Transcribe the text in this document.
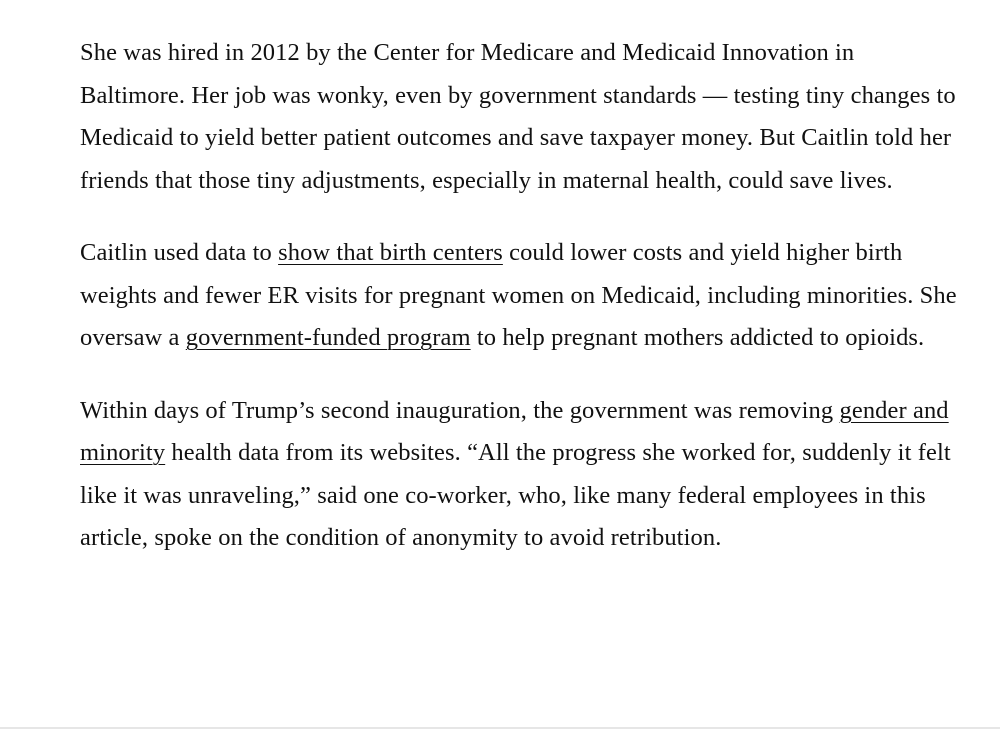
She was hired in 2012 by the Center for Medicare and Medicaid Innovation in Baltimore. Her job was wonky, even by government standards — testing tiny changes to Medicaid to yield better patient outcomes and save taxpayer money. But Caitlin told her friends that those tiny adjustments, especially in maternal health, could save lives.

Caitlin used data to show that birth centers could lower costs and yield higher birth weights and fewer ER visits for pregnant women on Medicaid, including minorities. She oversaw a government-funded program to help pregnant mothers addicted to opioids.

Within days of Trump’s second inauguration, the government was removing gender and minority health data from its websites. “All the progress she worked for, suddenly it felt like it was unraveling,” said one co-worker, who, like many federal employees in this article, spoke on the condition of anonymity to avoid retribution.
